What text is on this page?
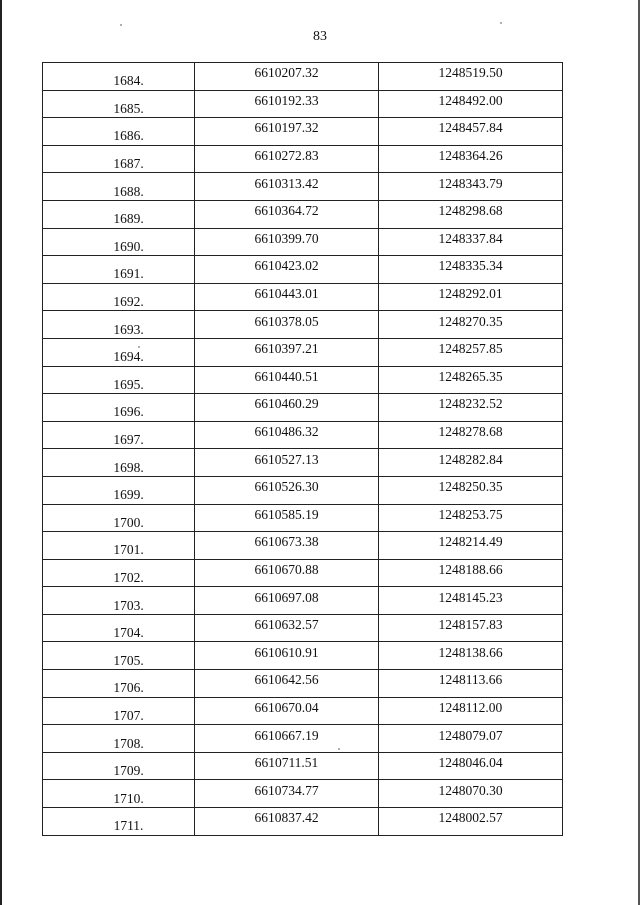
83
1684.	6610207.32	1248519.50
1685.	6610192.33	1248492.00
1686.	6610197.32	1248457.84
1687.	6610272.83	1248364.26
1688.	6610313.42	1248343.79
1689.	6610364.72	1248298.68
1690.	6610399.70	1248337.84
1691.	6610423.02	1248335.34
1692.	6610443.01	1248292.01
1693.	6610378.05	1248270.35
1694.	6610397.21	1248257.85
1695.	6610440.51	1248265.35
1696.	6610460.29	1248232.52
1697.	6610486.32	1248278.68
1698.	6610527.13	1248282.84
1699.	6610526.30	1248250.35
1700.	6610585.19	1248253.75
1701.	6610673.38	1248214.49
1702.	6610670.88	1248188.66
1703.	6610697.08	1248145.23
1704.	6610632.57	1248157.83
1705.	6610610.91	1248138.66
1706.	6610642.56	1248113.66
1707.	6610670.04	1248112.00
1708.	6610667.19	1248079.07
1709.	6610711.51	1248046.04
1710.	6610734.77	1248070.30
1711.	6610837.42	1248002.57
